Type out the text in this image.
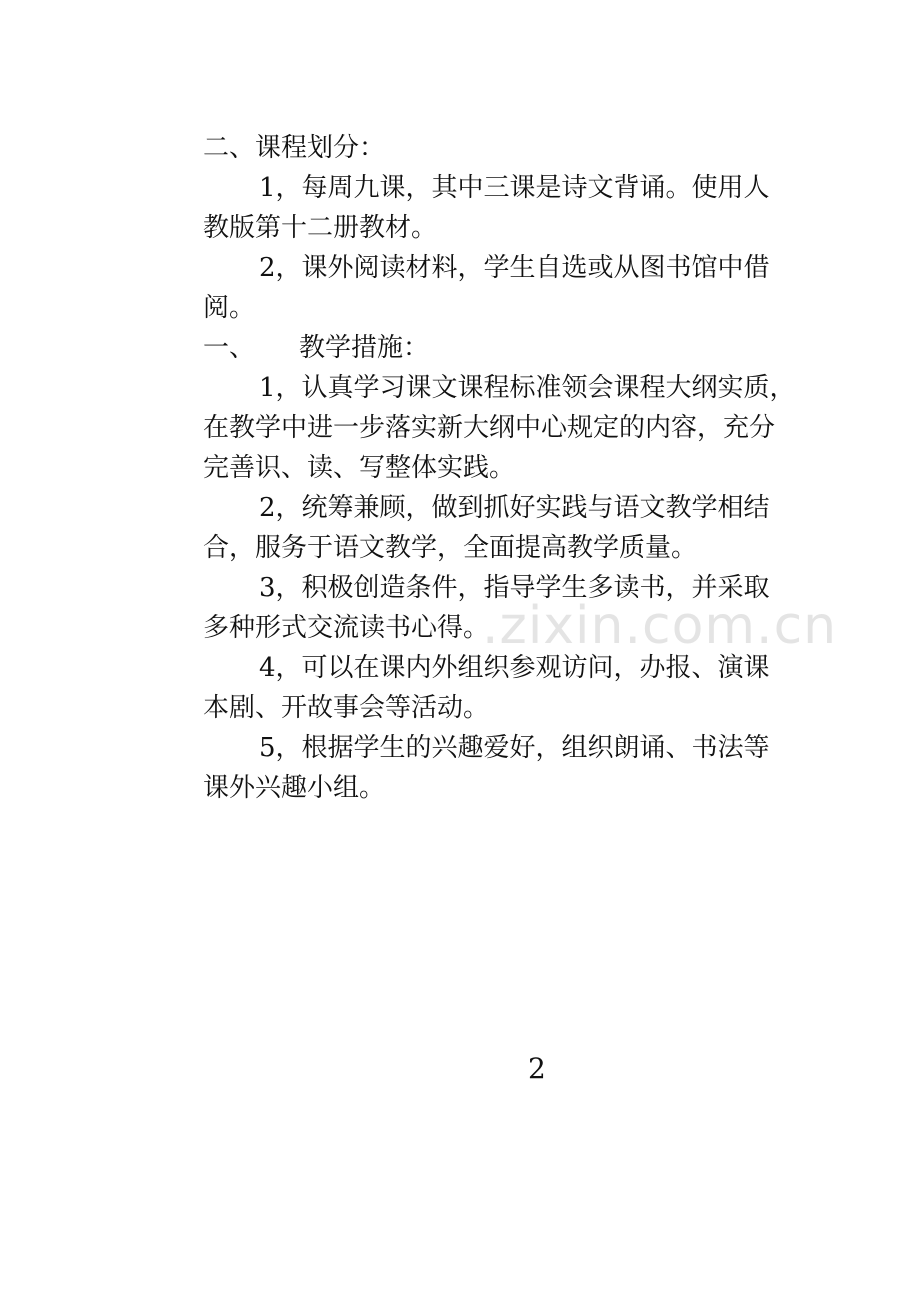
.zixin.com.cn
二、课程划分：
1，每周九课，其中三课是诗文背诵。使用人
教版第十二册教材。
2，课外阅读材料，学生自选或从图书馆中借
阅。
一、 教学措施：
1，认真学习课文课程标准领会课程大纲实质，
在教学中进一步落实新大纲中心规定的内容，充分
完善识、读、写整体实践。
2，统筹兼顾，做到抓好实践与语文教学相结
合，服务于语文教学，全面提高教学质量。
3，积极创造条件，指导学生多读书，并采取
多种形式交流读书心得。
4，可以在课内外组织参观访问，办报、演课
本剧、开故事会等活动。
5，根据学生的兴趣爱好，组织朗诵、书法等
课外兴趣小组。
2
